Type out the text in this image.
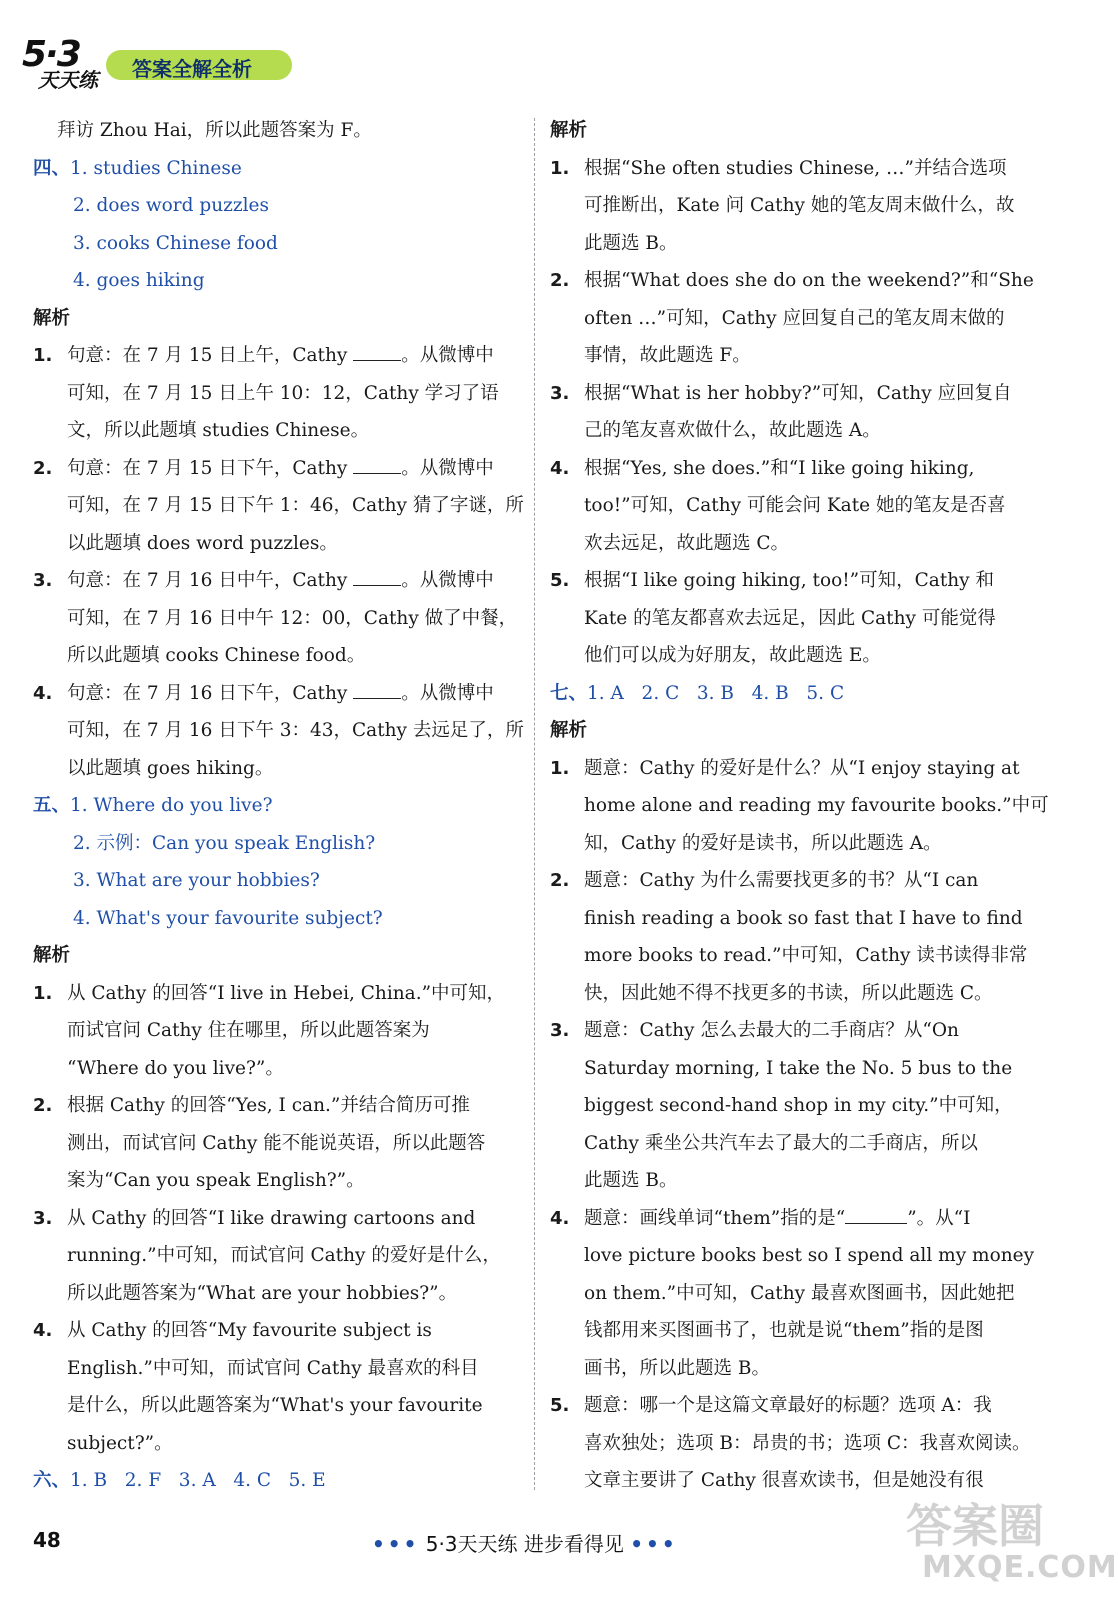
5·3
天天练 答案全解全析
拜访 Zhou Hai，所以此题答案为 F。
四、1. studies Chinese
2. does word puzzles
3. cooks Chinese food
4. goes hiking
解析
1. 句意：在 7 月 15 日上午，Cathy	。从微博中

可知，在 7 月 15 日上午 10：12，Cathy 学习了语

文，所以此题填 studies Chinese。

2. 句意：在 7 月 15 日下午，Cathy	。从微博中

可知，在 7 月 15 日下午 1：46，Cathy 猜了字谜，所

以此题填 does word puzzles。

3. 句意：在 7 月 16 日中午，Cathy	。从微博中

可知，在 7 月 16 日中午 12：00，Cathy 做了中餐，

所以此题填 cooks Chinese food。

4. 句意：在 7 月 16 日下午，Cathy	。从微博中

可知，在 7 月 16 日下午 3：43，Cathy 去远足了，所

以此题填 goes hiking。

五、1. Where do you live?
2. 示例：Can you speak English?
3. What are your hobbies?
4. What's your favourite subject?
解析
1. 从 Cathy 的回答“I live in Hebei, China.”中可知，

而试官问 Cathy 住在哪里，所以此题答案为

“Where do you live?”。

2. 根据 Cathy 的回答“Yes, I can.”并结合简历可推

测出，而试官问 Cathy 能不能说英语，所以此题答

案为“Can you speak English?”。

3. 从 Cathy 的回答“I like drawing cartoons and

running.”中可知，而试官问 Cathy 的爱好是什么，

所以此题答案为“What are your hobbies?”。

4. 从 Cathy 的回答“My favourite subject is

English.”中可知，而试官问 Cathy 最喜欢的科目

是什么，所以此题答案为“What's your favourite

subject?”。

六、1. B   2. F   3. A   4. C   5. E
解析
1. 根据“She often studies Chinese, …”并结合选项

可推断出，Kate 问 Cathy 她的笔友周末做什么，故

此题选 B。

2. 根据“What does she do on the weekend?”和“She

often …”可知，Cathy 应回复自己的笔友周末做的

事情，故此题选 F。

3. 根据“What is her hobby?”可知，Cathy 应回复自

己的笔友喜欢做什么，故此题选 A。

4. 根据“Yes, she does.”和“I like going hiking,

too!”可知，Cathy 可能会问 Kate 她的笔友是否喜

欢去远足，故此题选 C。

5. 根据“I like going hiking, too!”可知，Cathy 和

Kate 的笔友都喜欢去远足，因此 Cathy 可能觉得

他们可以成为好朋友，故此题选 E。

七、1. A   2. C   3. B   4. B   5. C
解析
1. 题意：Cathy 的爱好是什么？从“I enjoy staying at

home alone and reading my favourite books.”中可

知，Cathy 的爱好是读书，所以此题选 A。

2. 题意：Cathy 为什么需要找更多的书？从“I can

finish reading a book so fast that I have to find

more books to read.”中可知，Cathy 读书读得非常

快，因此她不得不找更多的书读，所以此题选 C。

3. 题意：Cathy 怎么去最大的二手商店？从“On

Saturday morning, I take the No. 5 bus to the

biggest second-hand shop in my city.”中可知，

Cathy 乘坐公共汽车去了最大的二手商店，所以

此题选 B。

4. 题意：画线单词“them”指的是“	”。从“I

love picture books best so I spend all my money

on them.”中可知，Cathy 最喜欢图画书，因此她把

钱都用来买图画书了，也就是说“them”指的是图

画书，所以此题选 B。

5. 题意：哪一个是这篇文章最好的标题？选项 A：我

喜欢独处；选项 B：昂贵的书；选项 C：我喜欢阅读。

文章主要讲了 Cathy 很喜欢读书，但是她没有很

48	••• 5·3天天练 进步看得见 •••	答案圈
MXQE.COM
